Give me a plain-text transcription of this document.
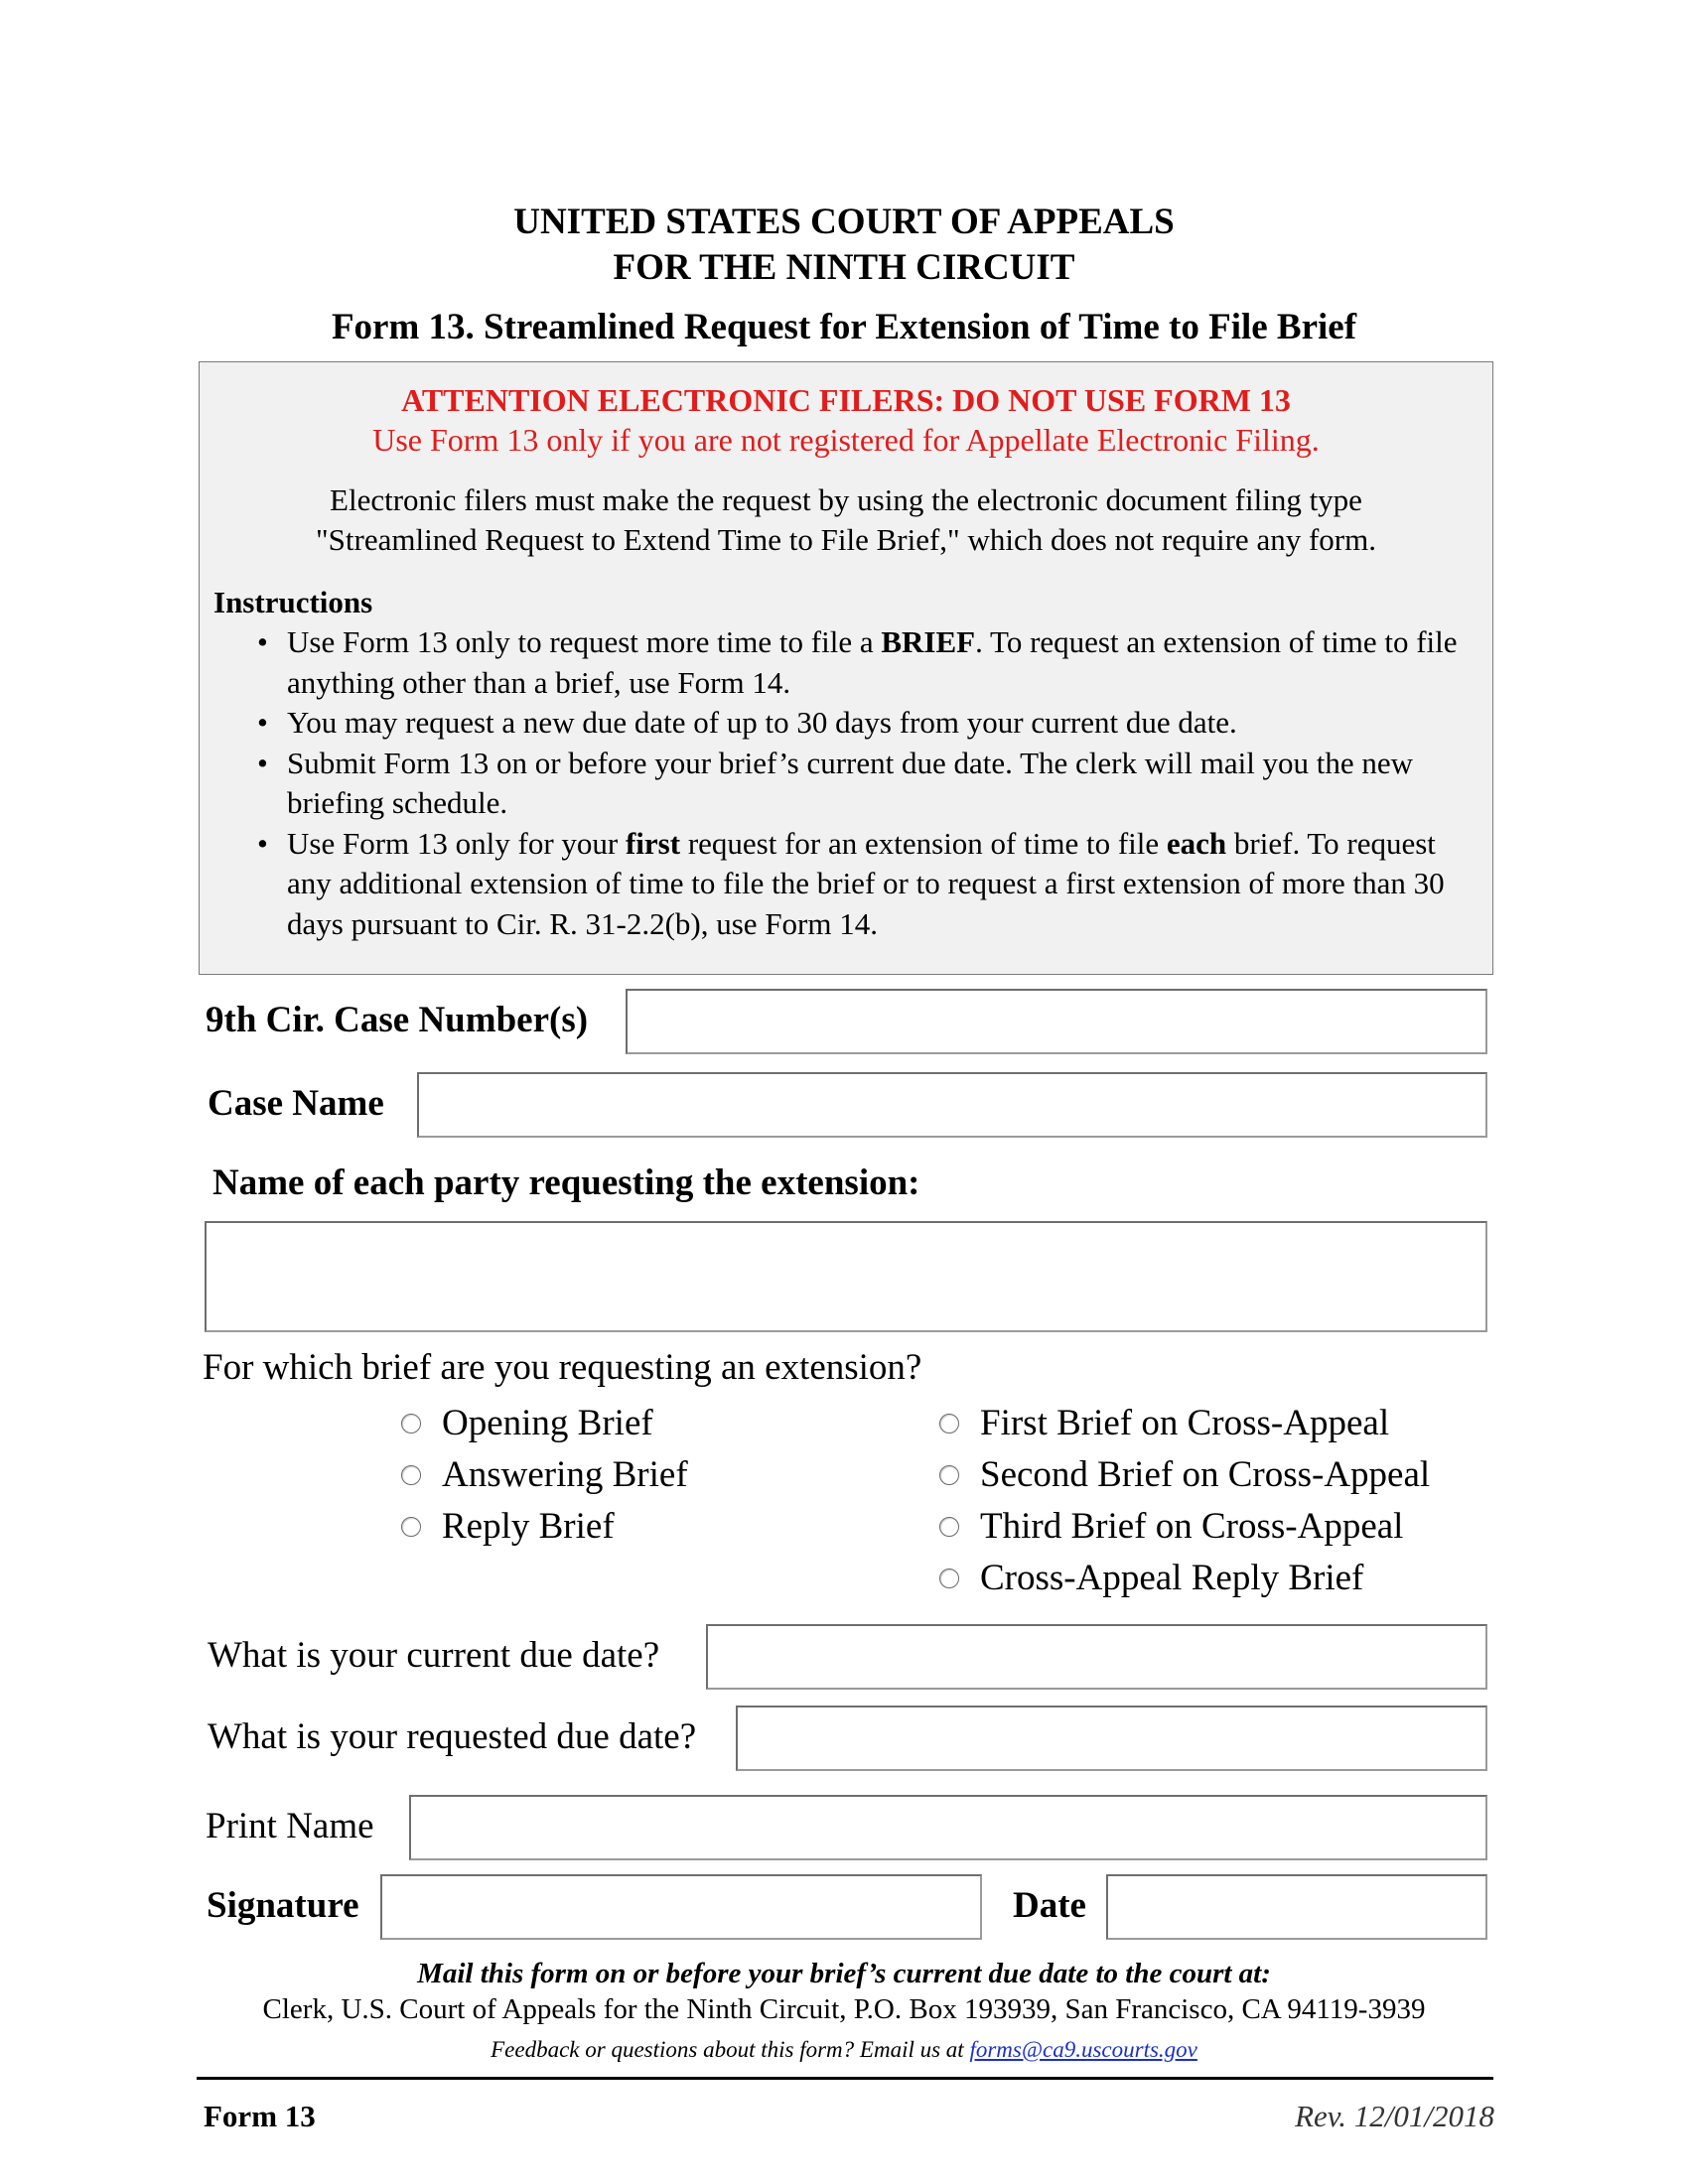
UNITED STATES COURT OF APPEALS
FOR THE NINTH CIRCUIT
Form 13. Streamlined Request for Extension of Time to File Brief
ATTENTION ELECTRONIC FILERS: DO NOT USE FORM 13
Use Form 13 only if you are not registered for Appellate Electronic Filing.
Electronic filers must make the request by using the electronic document filing type
"Streamlined Request to Extend Time to File Brief," which does not require any form.
Instructions
• Use Form 13 only to request more time to file a BRIEF. To request an extension of time to file anything other than a brief, use Form 14.
• You may request a new due date of up to 30 days from your current due date.
• Submit Form 13 on or before your brief’s current due date. The clerk will mail you the new briefing schedule.
• Use Form 13 only for your first request for an extension of time to file each brief. To request any additional extension of time to file the brief or to request a first extension of more than 30 days pursuant to Cir. R. 31-2.2(b), use Form 14.
9th Cir. Case Number(s)
Case Name
Name of each party requesting the extension:
For which brief are you requesting an extension?
Opening Brief
Answering Brief
Reply Brief
First Brief on Cross-Appeal
Second Brief on Cross-Appeal
Third Brief on Cross-Appeal
Cross-Appeal Reply Brief
What is your current due date?
What is your requested due date?
Print Name
Signature	Date
Mail this form on or before your brief’s current due date to the court at:
Clerk, U.S. Court of Appeals for the Ninth Circuit, P.O. Box 193939, San Francisco, CA 94119-3939
Feedback or questions about this form? Email us at forms@ca9.uscourts.gov
Form 13	Rev. 12/01/2018
